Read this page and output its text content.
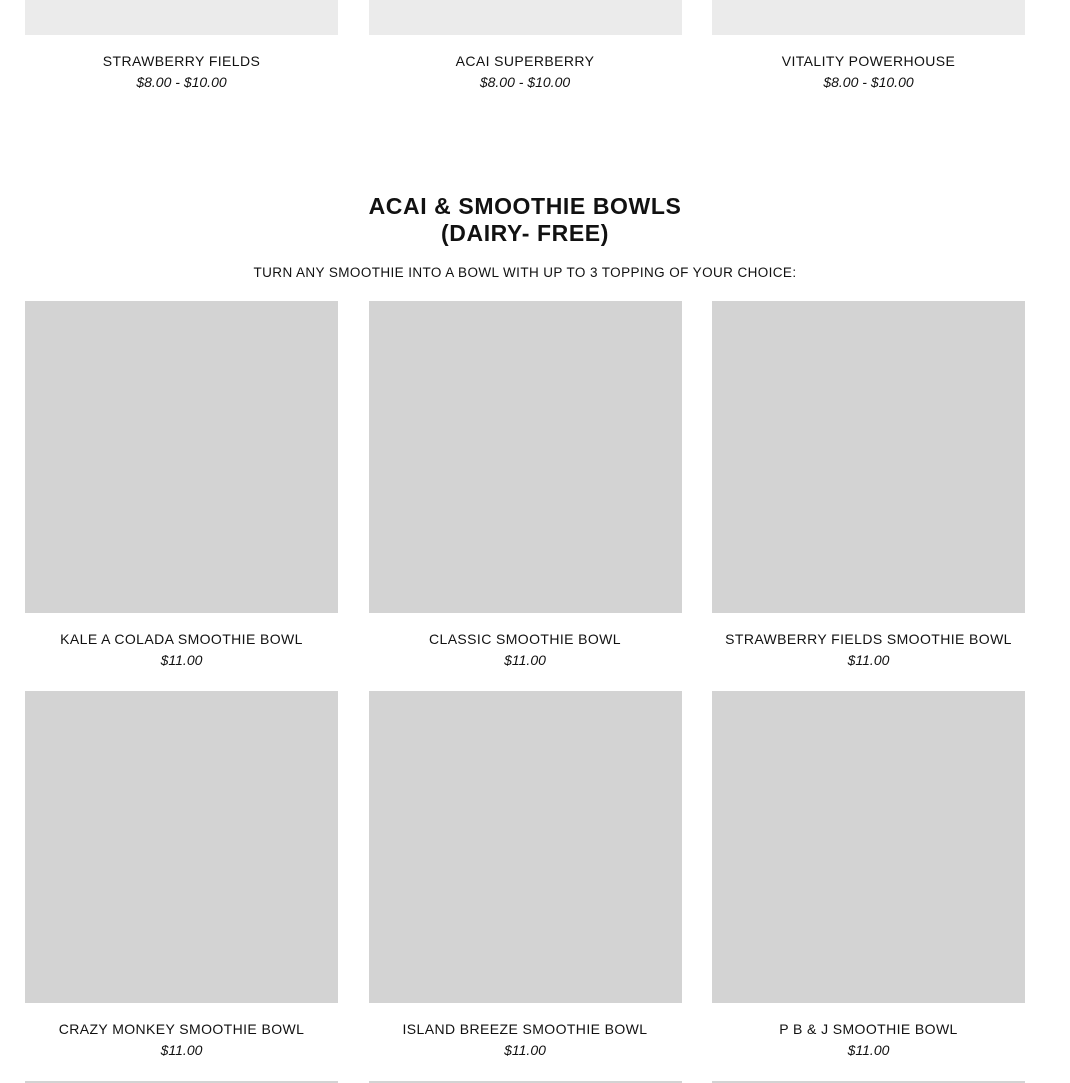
STRAWBERRY FIELDS
$8.00 - $10.00
ACAI SUPERBERRY
$8.00 - $10.00
VITALITY POWERHOUSE
$8.00 - $10.00
ACAI & SMOOTHIE BOWLS
(DAIRY- FREE)
TURN ANY SMOOTHIE INTO A BOWL WITH UP TO 3 TOPPING OF YOUR CHOICE:
KALE A COLADA SMOOTHIE BOWL
$11.00
CLASSIC SMOOTHIE BOWL
$11.00
STRAWBERRY FIELDS SMOOTHIE BOWL
$11.00
CRAZY MONKEY SMOOTHIE BOWL
$11.00
ISLAND BREEZE SMOOTHIE BOWL
$11.00
P B & J SMOOTHIE BOWL
$11.00
